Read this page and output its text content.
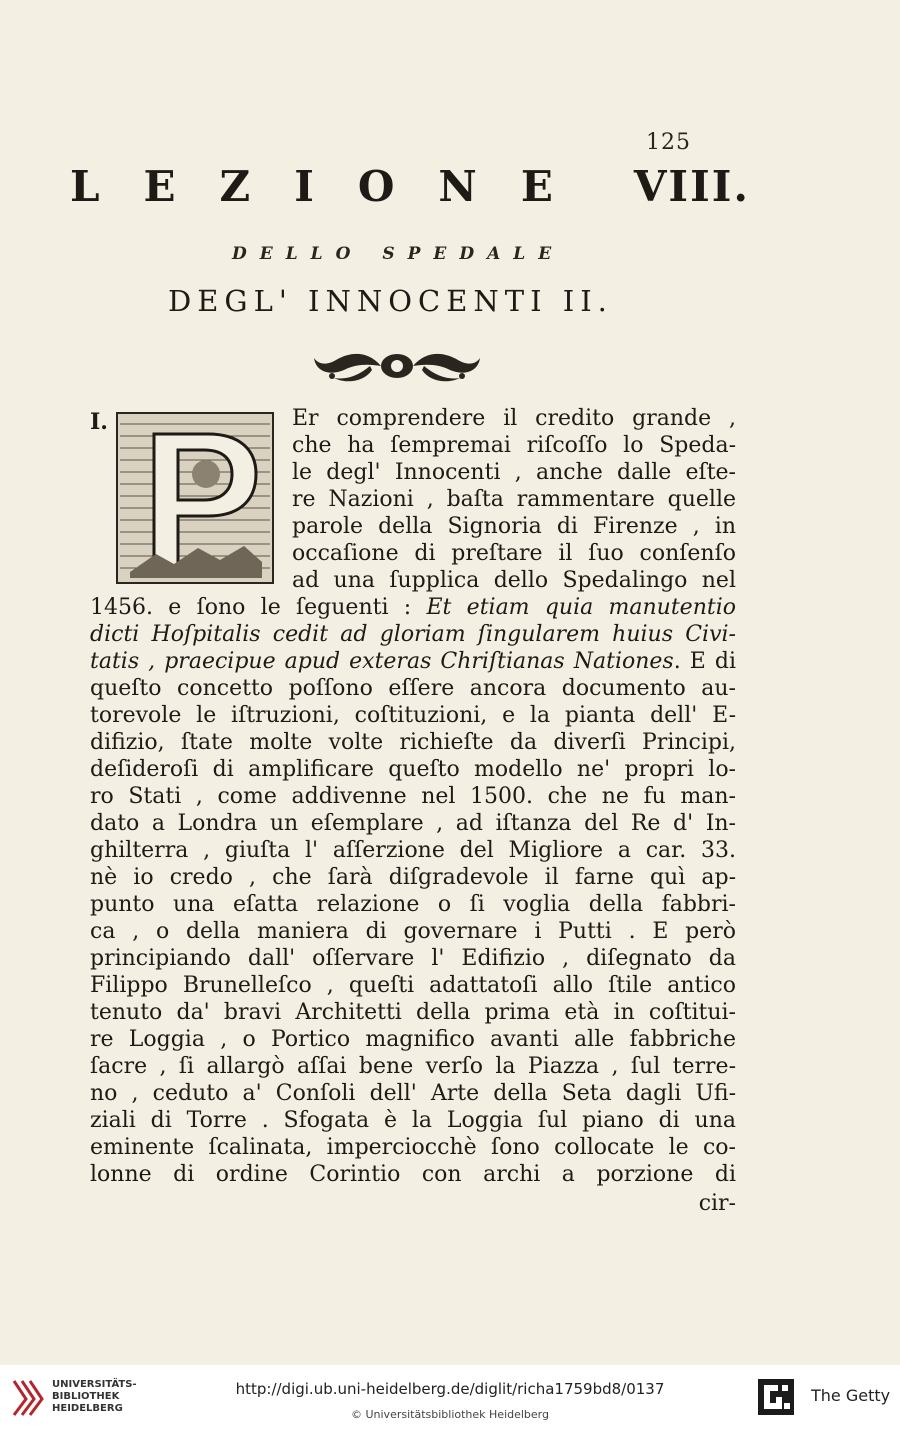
125
LEZIONE VIII.
DELLO SPEDALE
DEGL' INNOCENTI II.
I.	Er comprendere il credito grande ,
che ha ſempremai riſcoſſo lo Speda-
le degl' Innocenti , anche dalle eſte-
re Nazioni , baſta rammentare quelle
parole della Signoria di Firenze , in
occaſione di preſtare il ſuo conſenſo
ad una ſupplica dello Spedalingo nel
1456. e ſono le ſeguenti : Et etiam quia manutentio
dicti Hoſpitalis cedit ad gloriam ſingularem huius Civi-
tatis , praecipue apud exteras Chriſtianas Nationes. E di
queſto concetto poſſono eſſere ancora documento au-
torevole le iſtruzioni, coſtituzioni, e la pianta dell' E-
difizio, ſtate molte volte richieſte da diverſi Principi,
deſideroſi di amplificare queſto modello ne' propri lo-
ro Stati , come addivenne nel 1500. che ne fu man-
dato a Londra un eſemplare , ad iſtanza del Re d' In-
ghilterra , giuſta l' aſſerzione del Migliore a car. 33.
nè io credo , che ſarà diſgradevole il farne quì ap-
punto una eſatta relazione o ſi voglia della fabbri-
ca , o della maniera di governare i Putti . E però
principiando dall' oſſervare l' Edifizio , diſegnato da
Filippo Brunelleſco , queſti adattatoſi allo ſtile antico
tenuto da' bravi Architetti della prima età in coſtitui-
re Loggia , o Portico magnifico avanti alle fabbriche
ſacre , ſi allargò aſſai bene verſo la Piazza , ſul terre-
no , ceduto a' Conſoli dell' Arte della Seta dagli Ufi-
ziali di Torre . Sfogata è la Loggia ſul piano di una
eminente ſcalinata, imperciocchè ſono collocate le co-
lonne di ordine Corintio con archi a porzione di
cir-
UNIVERSITÄTS-
BIBLIOTHEK
HEIDELBERG
http://digi.ub.uni-heidelberg.de/diglit/richa1759bd8/0137
© Universitätsbibliothek Heidelberg
The Getty
